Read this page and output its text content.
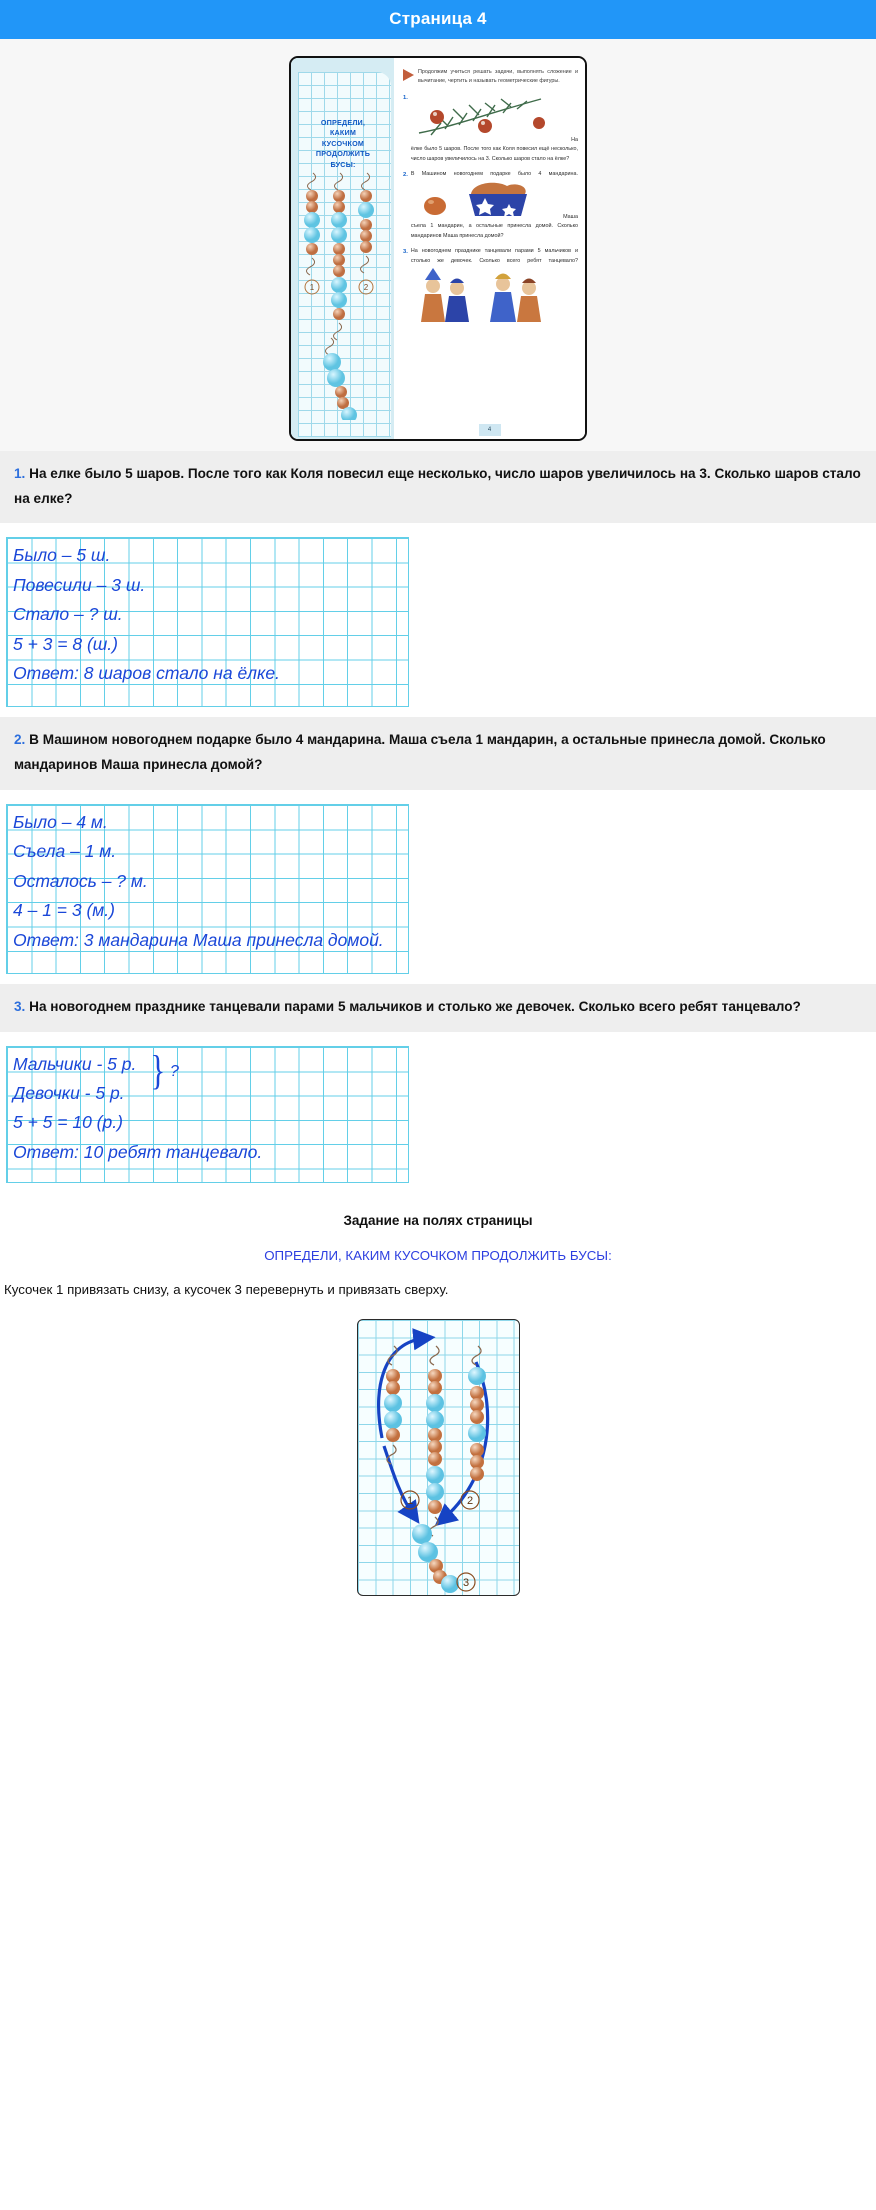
Страница 4
ОПРЕДЕЛИ,
КАКИМ
КУСОЧКОМ
ПРОДОЛЖИТЬ
БУСЫ:
1	2
Продолжим учиться решать задачи, выполнять сложение и вычитание, чертить и называть геометрические фигуры.
1.
На ёлке было 5 шаров. После того как Коля повесил ещё несколько, число шаров увеличилось на 3. Сколько шаров стало на ёлке?
2. В Машином новогоднем подарке было 4 мандарина.  Маша съела 1 мандарин, а остальные принесла домой. Сколько мандаринов Маша принесла домой?
3. На новогоднем празднике танцевали парами 5 мальчиков и столько же девочек. Сколько всего ребят танцевало?
4
1. На елке было 5 шаров. После того как Коля повесил еще несколько, число шаров увеличилось на 3. Сколько шаров стало на елке?
Было – 5 ш.
Повесили – 3 ш.
Стало – ? ш.
5 + 3 = 8 (ш.)
Ответ: 8 шаров стало на ёлке.
2. В Машином новогоднем подарке было 4 мандарина. Маша съела 1 мандарин, а остальные принесла домой. Сколько мандаринов Маша принесла домой?
Было – 4 м.
Съела – 1 м.
Осталось – ? м.
4 – 1 = 3 (м.)
Ответ: 3 мандарина Маша принесла домой.
3. На новогоднем празднике танцевали парами 5 мальчиков и столько же девочек. Сколько всего ребят танцевало?
Мальчики - 5 р.
Девочки - 5 р.
} ?
5 + 5 = 10 (р.)
Ответ: 10 ребят танцевало.
Задание на полях страницы
ОПРЕДЕЛИ, КАКИМ КУСОЧКОМ ПРОДОЛЖИТЬ БУСЫ:
Кусочек 1 привязать снизу, а кусочек 3 перевернуть и привязать сверху.
1	2
3
